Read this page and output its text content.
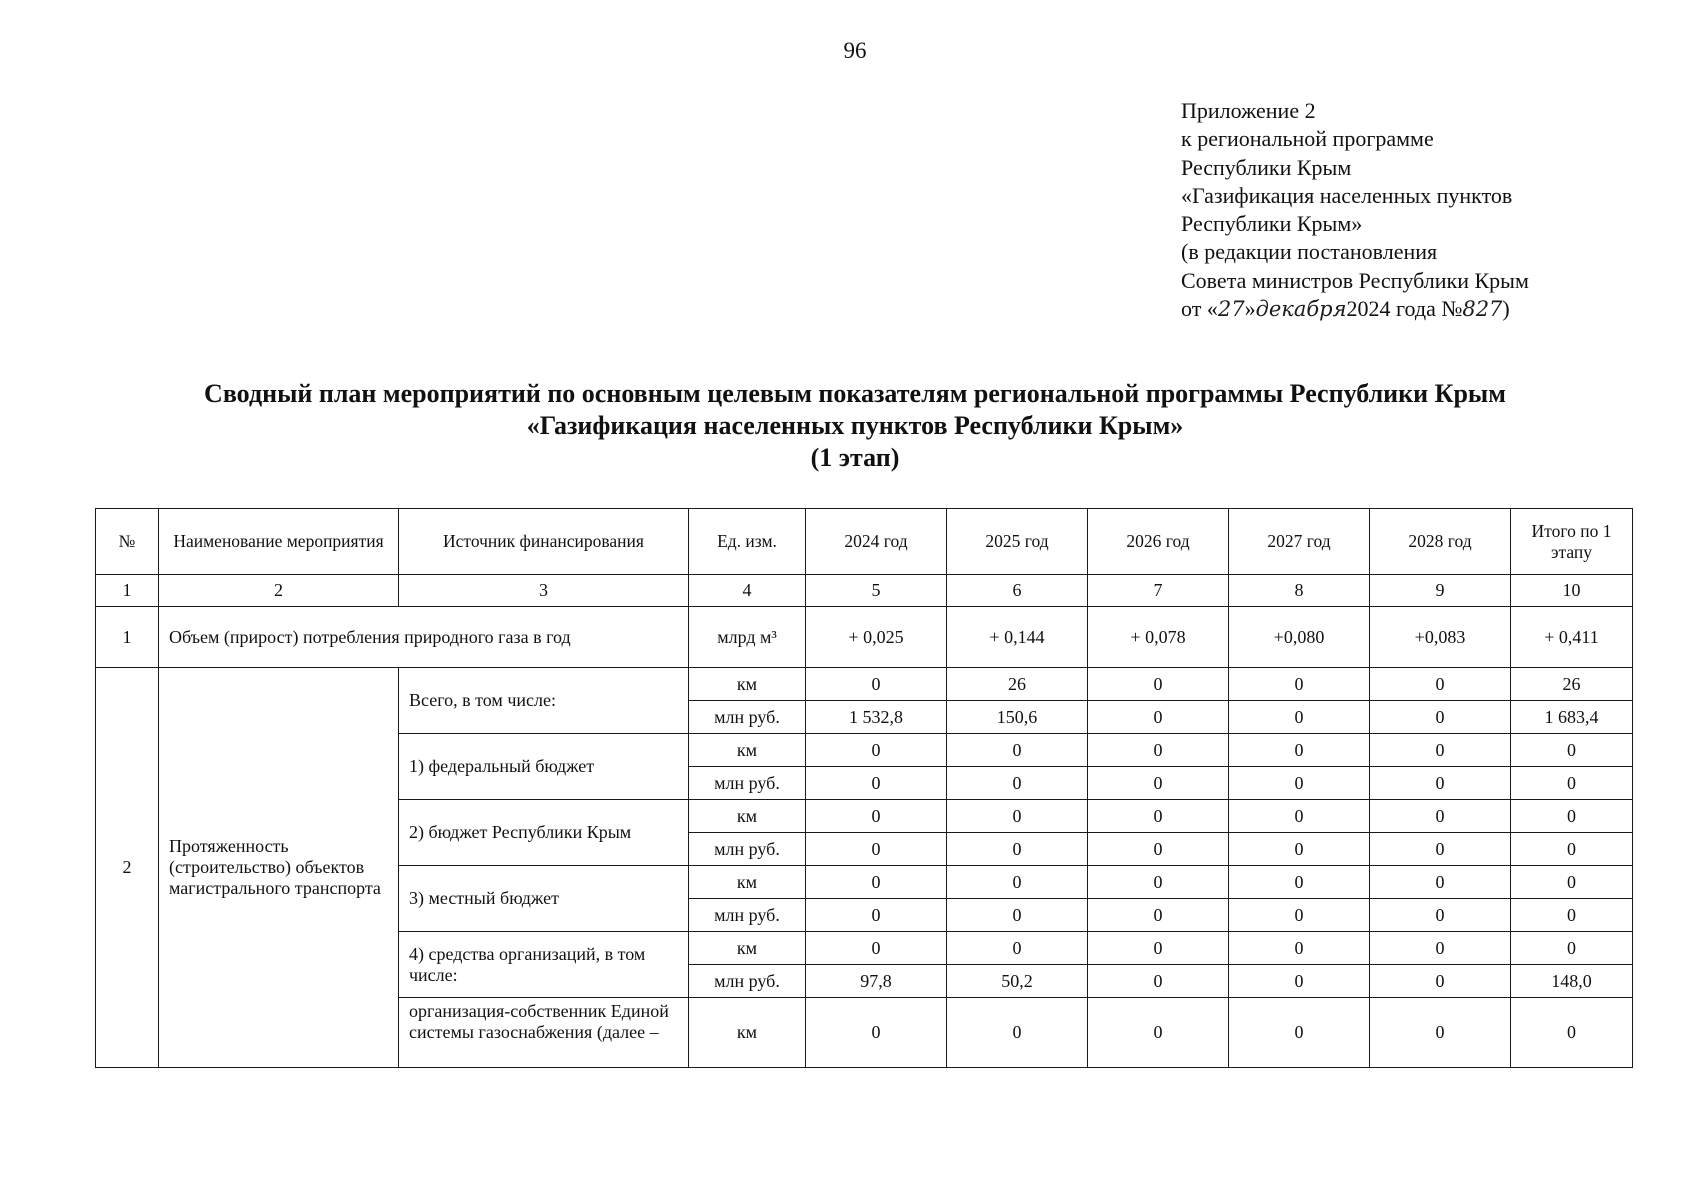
96
Приложение 2
к региональной программе
Республики Крым
«Газификация населенных пунктов
Республики Крым»
(в редакции постановления
Совета министров Республики Крым
от «27»декабря2024 года №827)
Сводный план мероприятий по основным целевым показателям региональной программы Республики Крым
«Газификация населенных пунктов Республики Крым»
(1 этап)
№	Наименование мероприятия	Источник финансирования	Ед. изм.	2024 год	2025 год	2026 год	2027 год	2028 год	Итого по 1 этапу
1	2	3	4	5	6	7	8	9	10
1	Объем (прирост) потребления природного газа в год		млрд м³	+ 0,025	+ 0,144	+ 0,078	+0,080	+0,083	+ 0,411
2	Протяженность (строительство) объектов магистрального транспорта	Всего, в том числе:	км	0	26	0	0	0	26
			млн руб.	1 532,8	150,6	0	0	0	1 683,4
		1) федеральный бюджет	км	0	0	0	0	0	0
			млн руб.	0	0	0	0	0	0
		2) бюджет Республики Крым	км	0	0	0	0	0	0
			млн руб.	0	0	0	0	0	0
		3) местный бюджет	км	0	0	0	0	0	0
			млн руб.	0	0	0	0	0	0
		4) средства организаций, в том числе:	км	0	0	0	0	0	0
			млн руб.	97,8	50,2	0	0	0	148,0

		организация-собственник Единой системы газоснабжения (далее –	км	0	0	0	0	0	0
